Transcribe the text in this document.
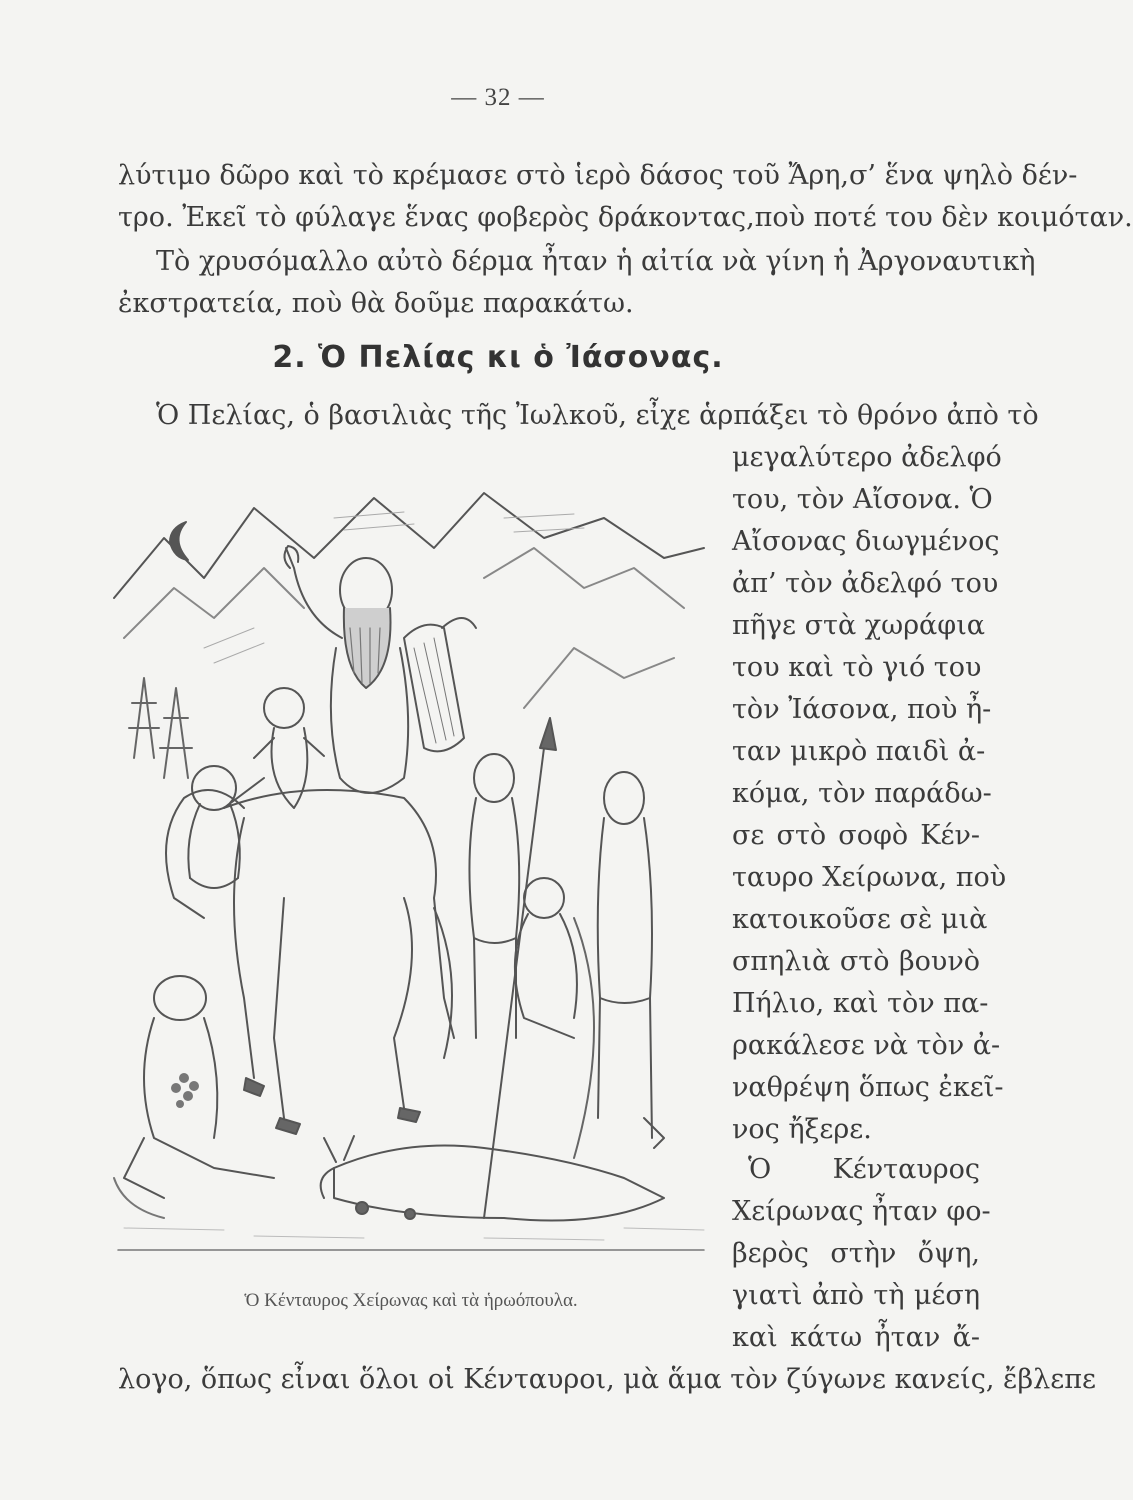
— 32 —
λύτιμο δῶρο καὶ τὸ κρέμασε στὸ ἱερὸ δάσος τοῦ Ἄρη,σ’ ἕνα ψηλὸ δέν-
τρο. Ἐκεῖ τὸ φύλαγε ἕνας φοβερὸς δράκοντας,ποὺ ποτέ του δὲν κοιμόταν.
Τὸ χρυσόμαλλο αὐτὸ δέρμα ἦταν ἡ αἰτία νὰ γίνη ἡ Ἀργοναυτικὴ
ἐκστρατεία, ποὺ θὰ δοῦμε παρακάτω.
2. Ὁ Πελίας κι ὁ Ἰάσονας.
Ὁ Πελίας, ὁ βασιλιὰς τῆς Ἰωλκοῦ, εἶχε ἁρπάξει τὸ θρόνο ἀπὸ τὸ
μεγαλύτερο ἀδελφό
του, τὸν Αἴσονα. Ὁ
Αἴσονας διωγμένος
ἀπ’ τὸν ἀδελφό του
πῆγε στὰ χωράφια
του καὶ τὸ γιό του
τὸν Ἰάσονα, ποὺ ἦ-
ταν μικρὸ παιδὶ ἀ-
κόμα, τὸν παράδω-
σε στὸ σοφὸ Κέν-
ταυρο Χείρωνα, ποὺ
κατοικοῦσε σὲ μιὰ
σπηλιὰ στὸ βουνὸ
Πήλιο, καὶ τὸν πα-
ρακάλεσε νὰ τὸν ἀ-
ναθρέψη ὅπως ἐκεῖ-
νος ἤξερε.
Ὁ Κένταυρος
Χείρωνας ἦταν φο-
βερὸς στὴν ὄψη,
γιατὶ ἀπὸ τὴ μέση
καὶ κάτω ἦταν ἄ-
λογο, ὅπως εἶναι ὅλοι οἱ Κένταυροι, μὰ ἅμα τὸν ζύγωνε κανείς, ἔβλεπε
Ὁ Κένταυρος Χείρωνας καὶ τὰ ἡρωόπουλα.
